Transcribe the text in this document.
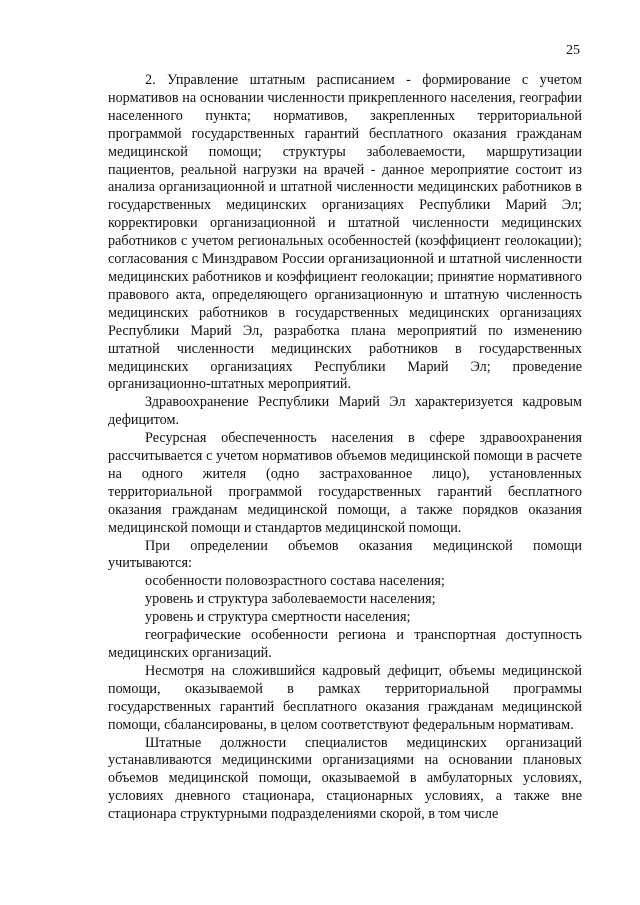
25

2. Управление штатным расписанием - формирование с учетом нормативов на основании численности прикрепленного населения, географии населенного пункта; нормативов, закрепленных территориальной программой государственных гарантий бесплатного оказания гражданам медицинской помощи; структуры заболеваемости, маршрутизации пациентов, реальной нагрузки на врачей - данное мероприятие состоит из анализа организационной и штатной численности медицинских работников в государственных медицинских организациях Республики Марий Эл; корректировки организационной и штатной численности медицинских работников с учетом региональных особенностей (коэффициент геолокации); согласования с Минздравом России организационной и штатной численности медицинских работников и коэффициент геолокации; принятие нормативного правового акта, определяющего организационную и штатную численность медицинских работников в государственных медицинских организациях Республики Марий Эл, разработка плана мероприятий по изменению штатной численности медицинских работников в государственных медицинских организациях Республики Марий Эл; проведение организационно-штатных мероприятий.

Здравоохранение Республики Марий Эл характеризуется кадровым дефицитом.

Ресурсная обеспеченность населения в сфере здравоохранения рассчитывается с учетом нормативов объемов медицинской помощи в расчете на одного жителя (одно застрахованное лицо), установленных территориальной программой государственных гарантий бесплатного оказания гражданам медицинской помощи, а также порядков оказания медицинской помощи и стандартов медицинской помощи.

При определении объемов оказания медицинской помощи учитываются:

особенности половозрастного состава населения;

уровень и структура заболеваемости населения;

уровень и структура смертности населения;

географические особенности региона и транспортная доступность медицинских организаций.

Несмотря на сложившийся кадровый дефицит, объемы медицинской помощи, оказываемой в рамках территориальной программы государственных гарантий бесплатного оказания гражданам медицинской помощи, сбалансированы, в целом соответствуют федеральным нормативам.

Штатные должности специалистов медицинских организаций устанавливаются медицинскими организациями на основании плановых объемов медицинской помощи, оказываемой в амбулаторных условиях, условиях дневного стационара, стационарных условиях, а также вне стационара структурными подразделениями скорой, в том числе
